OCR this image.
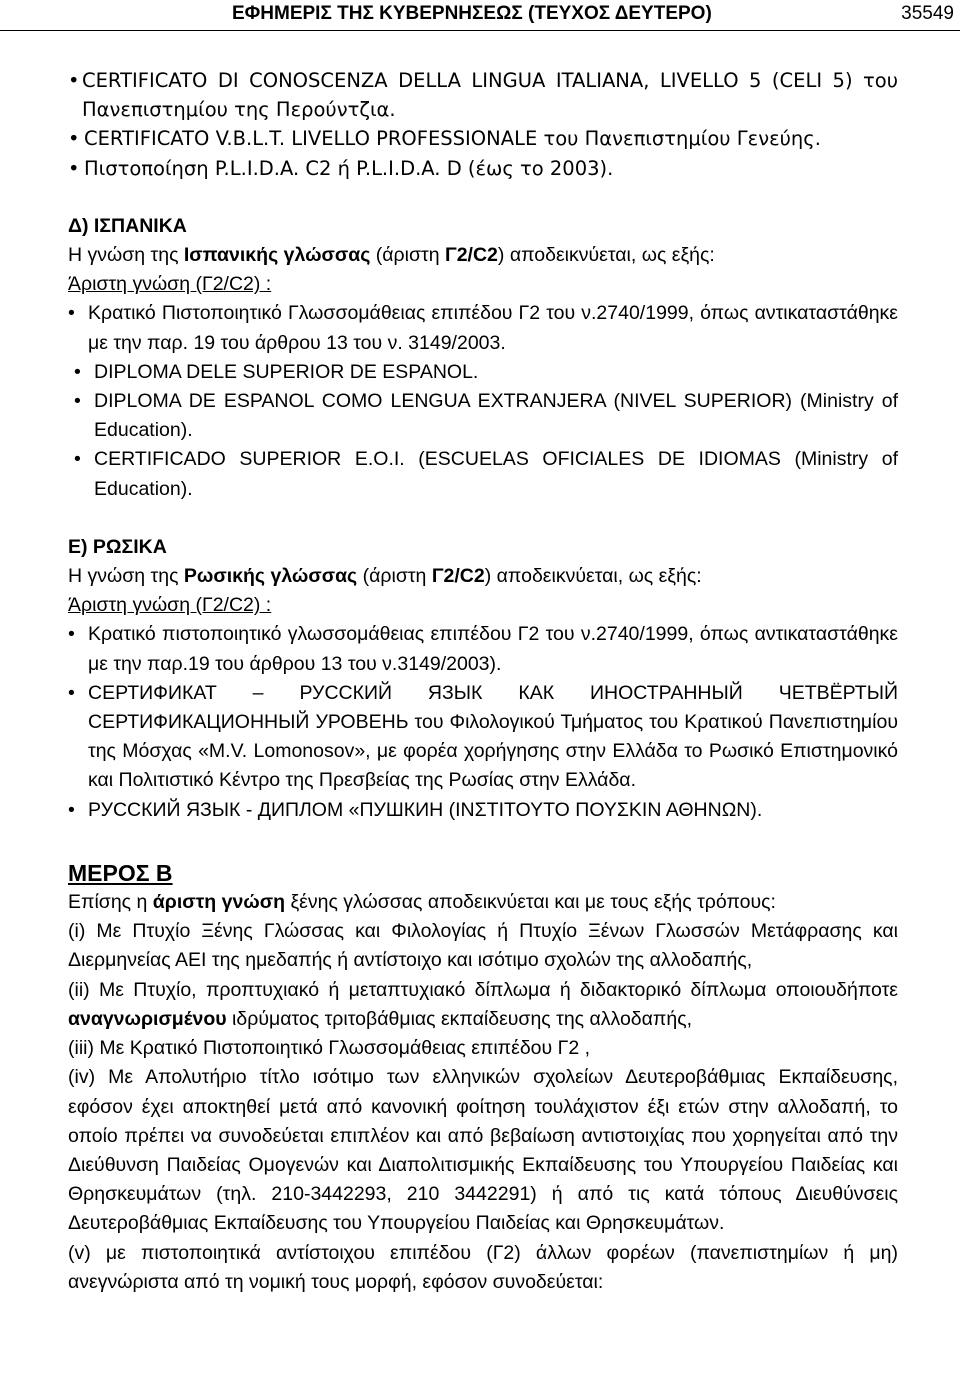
ΕΦΗΜΕΡΙΣ ΤΗΣ ΚΥΒΕΡΝΗΣΕΩΣ (ΤΕΥΧΟΣ ΔΕΥΤΕΡΟ)	35549
• CERTIFICATO DI CONOSCENZA DELLA LINGUA ITALIANA, LIVELLO 5 (CELI 5) του Πανεπιστημίου της Περούντζια.
• CERTIFICATO V.B.L.T. LIVELLO PROFESSIONALE του Πανεπιστημίου Γενεύης.
• Πιστοποίηση P.L.I.D.A. C2 ή P.L.I.D.A. D (έως το 2003).
Δ) ΙΣΠΑΝΙΚΑ
Η γνώση της Ισπανικής γλώσσας (άριστη Γ2/C2) αποδεικνύεται, ως εξής:
Άριστη γνώση (Γ2/C2) :
• Κρατικό Πιστοποιητικό Γλωσσομάθειας επιπέδου Γ2 του ν.2740/1999, όπως αντικαταστάθηκε με την παρ. 19 του άρθρου 13 του ν. 3149/2003.
• DIPLOMA DELE SUPERIOR DE ESPANOL.
• DIPLOMA DE ESPANOL COMO LENGUA EXTRANJERA (NIVEL SUPERIOR) (Ministry of Education).
• CERTIFICADO SUPERIOR E.O.I. (ESCUELAS OFICIALES DE IDIOMAS (Ministry of Education).
Ε) ΡΩΣΙΚΑ
Η γνώση της Ρωσικής γλώσσας (άριστη Γ2/C2) αποδεικνύεται, ως εξής:
Άριστη γνώση (Γ2/C2) :
• Κρατικό πιστοποιητικό γλωσσομάθειας επιπέδου Γ2 του ν.2740/1999, όπως αντικαταστάθηκε με την παρ.19 του άρθρου 13 του ν.3149/2003).
• СЕРТИФИКАТ – РУССКИЙ ЯЗЫК КАК ИНОСТРАННЫЙ ЧЕТВЁРТЫЙ СЕРТИФИКАЦИОННЫЙ УРОВЕНЬ του Φιλολογικού Τμήματος του Κρατικού Πανεπιστημίου της Μόσχας «M.V. Lomonosov», με φορέα χορήγησης στην Ελλάδα το Ρωσικό Επιστημονικό και Πολιτιστικό Κέντρο της Πρεσβείας της Ρωσίας στην Ελλάδα.
• РУССКИЙ ЯЗЫК - ДИПЛОМ «ПУШКИН (ΙΝΣΤΙΤΟΥΤΟ ΠΟΥΣΚΙΝ ΑΘΗΝΩΝ).
ΜΕΡΟΣ Β
Επίσης η άριστη γνώση ξένης γλώσσας αποδεικνύεται και με τους εξής τρόπους:
(i) Με Πτυχίο Ξένης Γλώσσας και Φιλολογίας ή Πτυχίο Ξένων Γλωσσών Μετάφρασης και Διερμηνείας ΑΕΙ της ημεδαπής ή αντίστοιχο και ισότιμο σχολών της αλλοδαπής,
(ii) Με Πτυχίο, προπτυχιακό ή μεταπτυχιακό δίπλωμα ή διδακτορικό δίπλωμα οποιουδήποτε αναγνωρισμένου ιδρύματος τριτοβάθμιας εκπαίδευσης της αλλοδαπής,
(iii) Με Κρατικό Πιστοποιητικό Γλωσσομάθειας επιπέδου Γ2 ,
(iv) Με Απολυτήριο τίτλο ισότιμο των ελληνικών σχολείων Δευτεροβάθμιας Εκπαίδευσης, εφόσον έχει αποκτηθεί μετά από κανονική φοίτηση τουλάχιστον έξι ετών στην αλλοδαπή, το οποίο πρέπει να συνοδεύεται επιπλέον και από βεβαίωση αντιστοιχίας που χορηγείται από την Διεύθυνση Παιδείας Ομογενών και Διαπολιτισμικής Εκπαίδευσης του Υπουργείου Παιδείας και Θρησκευμάτων (τηλ. 210-3442293, 210 3442291) ή από τις κατά τόπους Διευθύνσεις Δευτεροβάθμιας Εκπαίδευσης του Υπουργείου Παιδείας και Θρησκευμάτων.
(v) με πιστοποιητικά αντίστοιχου επιπέδου (Γ2) άλλων φορέων (πανεπιστημίων ή μη) ανεγνώριστα από τη νομική τους μορφή, εφόσον συνοδεύεται:
